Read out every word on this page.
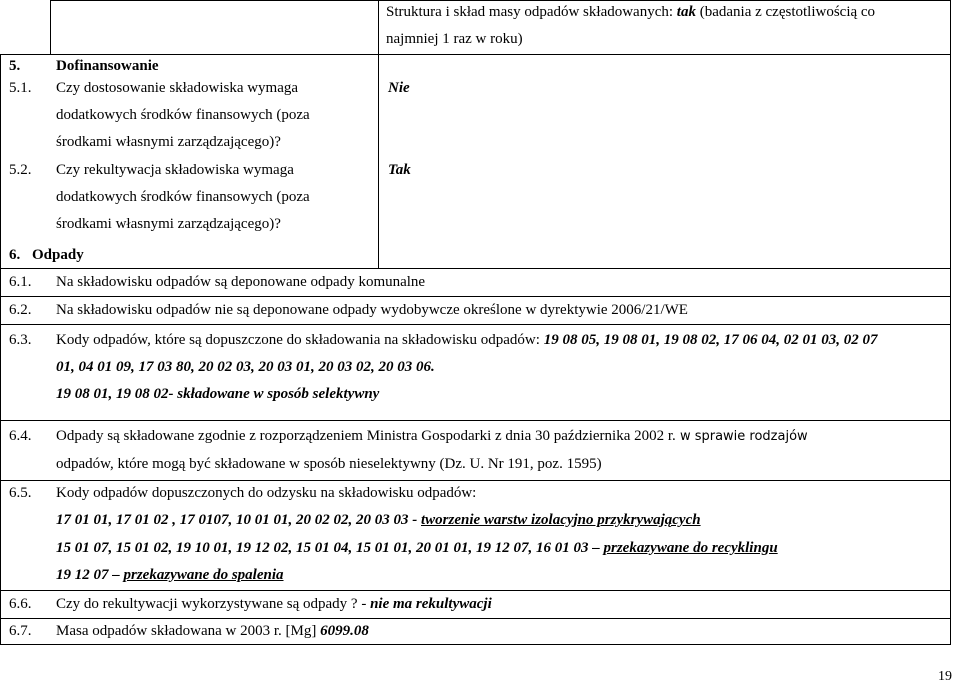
Struktura i skład masy odpadów składowanych: tak (badania z częstotliwością co
najmniej 1 raz w roku)
5. Dofinansowanie
5.1. Czy dostosowanie składowiska wymaga
dodatkowych środków finansowych (poza
środkami własnymi zarządzającego)?
Nie
5.2. Czy rekultywacja składowiska wymaga
dodatkowych środków finansowych (poza
środkami własnymi zarządzającego)?
Tak
6. Odpady
6.1. Na składowisku odpadów są deponowane odpady komunalne
6.2. Na składowisku odpadów nie są deponowane odpady wydobywcze określone w dyrektywie 2006/21/WE
6.3. Kody odpadów, które są dopuszczone do składowania na składowisku odpadów: 19 08 05, 19 08 01, 19 08 02, 17 06 04, 02 01 03, 02 07
01, 04 01 09, 17 03 80, 20 02 03, 20 03 01, 20 03 02, 20 03 06.
19 08 01, 19 08 02- składowane w sposób selektywny
6.4. Odpady są składowane zgodnie z rozporządzeniem Ministra Gospodarki z dnia 30 października 2002 r. w sprawie rodzajów
odpadów, które mogą być składowane w sposób nieselektywny (Dz. U. Nr 191, poz. 1595)
6.5. Kody odpadów dopuszczonych do odzysku na składowisku odpadów:
17 01 01, 17 01 02 , 17 0107, 10 01 01, 20 02 02, 20 03 03 - tworzenie warstw izolacyjno przykrywających
15 01 07, 15 01 02, 19 10 01, 19 12 02, 15 01 04, 15 01 01, 20 01 01, 19 12 07, 16 01 03 – przekazywane do recyklingu
19 12 07 – przekazywane do spalenia
6.6. Czy do rekultywacji wykorzystywane są odpady ? - nie ma rekultywacji
6.7. Masa odpadów składowana w 2003 r. [Mg] 6099.08
19
